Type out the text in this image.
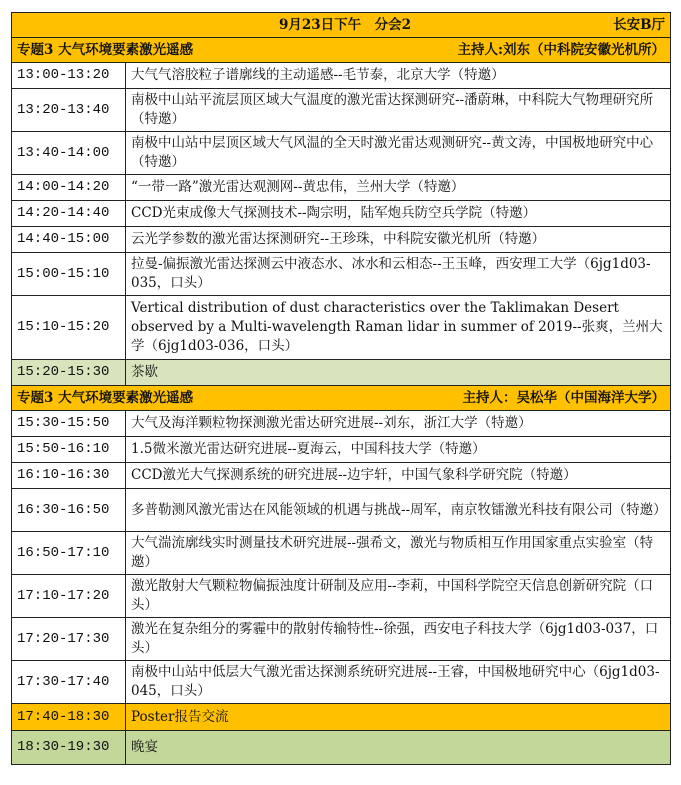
9月23日下午　分会2 长安B厅	

专题3 大气环境要素激光遥感 主持人:刘东（中科院安徽光机所）	

13:00-13:20	大气气溶胶粒子谱廓线的主动遥感--毛节泰，北京大学（特邀）
13:20-13:40	南极中山站平流层顶区域大气温度的激光雷达探测研究--潘蔚琳，中科院大气物理研究所（特邀）
13:40-14:00	南极中山站中层顶区域大气风温的全天时激光雷达观测研究--黄文涛，中国极地研究中心（特邀）
14:00-14:20	“一带一路”激光雷达观测网--黄忠伟，兰州大学（特邀）
14:20-14:40	CCD光束成像大气探测技术--陶宗明，陆军炮兵防空兵学院（特邀）
14:40-15:00	云光学参数的激光雷达探测研究--王珍珠，中科院安徽光机所（特邀）
15:00-15:10	拉曼-偏振激光雷达探测云中液态水、冰水和云相态--王玉峰，西安理工大学（6jg1d03-035，口头）
15:10-15:20	Vertical distribution of dust characteristics over the Taklimakan Desert observed by a Multi-wavelength Raman lidar in summer of 2019--张爽，兰州大学（6jg1d03-036，口头）
15:20-15:30	茶歇

专题3 大气环境要素激光遥感 主持人：吴松华（中国海洋大学）	

15:30-15:50	大气及海洋颗粒物探测激光雷达研究进展--刘东，浙江大学（特邀）
15:50-16:10	1.5微米激光雷达研究进展--夏海云，中国科技大学（特邀）
16:10-16:30	CCD激光大气探测系统的研究进展--边宇轩，中国气象科学研究院（特邀）
16:30-16:50	多普勒测风激光雷达在风能领域的机遇与挑战--周军，南京牧镭激光科技有限公司（特邀）
16:50-17:10	大气湍流廓线实时测量技术研究进展--强希文，激光与物质相互作用国家重点实验室（特邀）
17:10-17:20	激光散射大气颗粒物偏振浊度计研制及应用--李莉，中国科学院空天信息创新研究院（口头）
17:20-17:30	激光在复杂组分的雾霾中的散射传输特性--徐强，西安电子科技大学（6jg1d03-037，口头）
17:30-17:40	南极中山站中低层大气激光雷达探测系统研究进展--王睿，中国极地研究中心（6jg1d03-045，口头）
17:40-18:30	Poster报告交流
18:30-19:30	晚宴
